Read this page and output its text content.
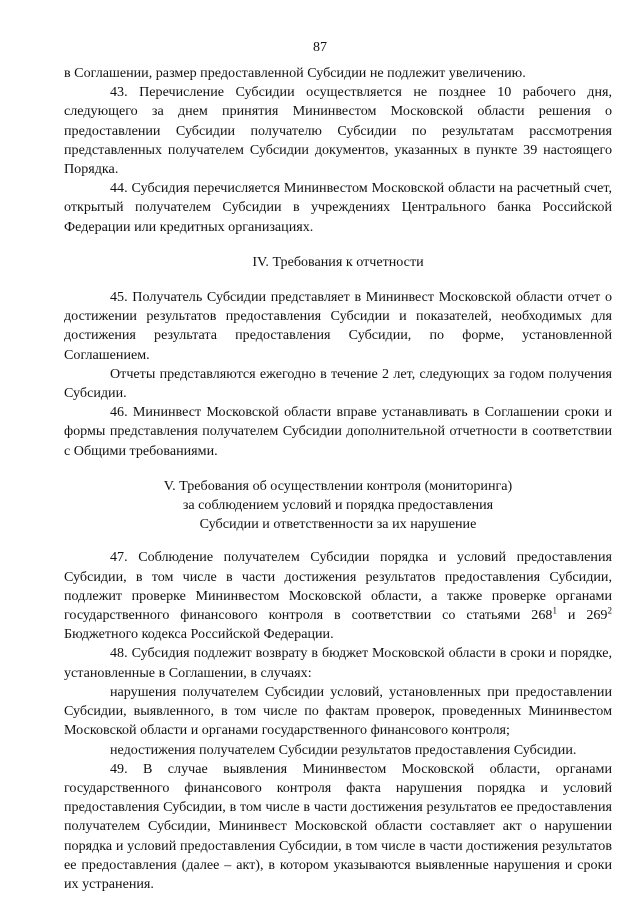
87

в Соглашении, размер предоставленной Субсидии не подлежит увеличению.

43. Перечисление Субсидии осуществляется не позднее 10 рабочего дня, следующего за днем принятия Мининвестом Московской области решения о предоставлении Субсидии получателю Субсидии по результатам рассмотрения представленных получателем Субсидии документов, указанных в пункте 39 настоящего Порядка.

44. Субсидия перечисляется Мининвестом Московской области на расчетный счет, открытый получателем Субсидии в учреждениях Центрального банка Российской Федерации или кредитных организациях.

IV. Требования к отчетности

45. Получатель Субсидии представляет в Мининвест Московской области отчет о достижении результатов предоставления Субсидии и показателей, необходимых для достижения результата предоставления Субсидии, по форме, установленной Соглашением.

Отчеты представляются ежегодно в течение 2 лет, следующих за годом получения Субсидии.

46. Мининвест Московской области вправе устанавливать в Соглашении сроки и формы представления получателем Субсидии дополнительной отчетности в соответствии с Общими требованиями.

V. Требования об осуществлении контроля (мониторинга)
за соблюдением условий и порядка предоставления
Субсидии и ответственности за их нарушение

47. Соблюдение получателем Субсидии порядка и условий предоставления Субсидии, в том числе в части достижения результатов предоставления Субсидии, подлежит проверке Мининвестом Московской области, а также проверке органами государственного финансового контроля в соответствии со статьями $268^1$ и $269^2$ Бюджетного кодекса Российской Федерации.

48. Субсидия подлежит возврату в бюджет Московской области в сроки и порядке, установленные в Соглашении, в случаях:

нарушения получателем Субсидии условий, установленных при предоставлении Субсидии, выявленного, в том числе по фактам проверок, проведенных Мининвестом Московской области и органами государственного финансового контроля;

недостижения получателем Субсидии результатов предоставления Субсидии.

49. В случае выявления Мининвестом Московской области, органами государственного финансового контроля факта нарушения порядка и условий предоставления Субсидии, в том числе в части достижения результатов ее предоставления получателем Субсидии, Мининвест Московской области составляет акт о нарушении порядка и условий предоставления Субсидии, в том числе в части достижения результатов ее предоставления (далее – акт), в котором указываются выявленные нарушения и сроки их устранения.
